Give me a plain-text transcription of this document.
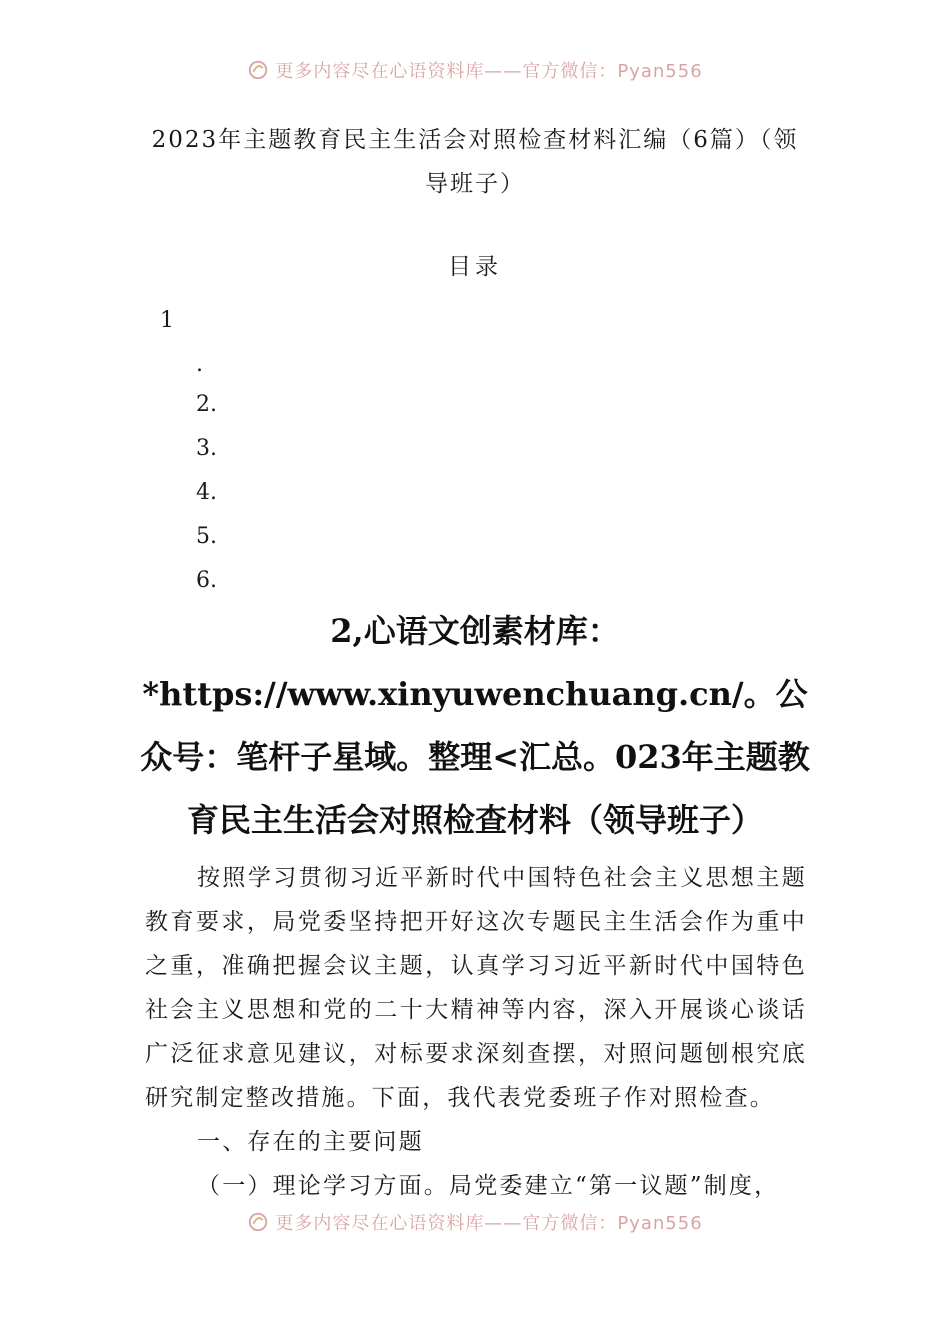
更多内容尽在心语资料库——官方微信：Pyan556
2023年主题教育民主生活会对照检查材料汇编（6篇）（领导班子）
目录
1
.
2.
3.
4.
5.
6.
2,心语文创素材库：*https://www.xinyuwenchuang.cn/。公众号：笔杆子星域。整理<汇总。023年主题教育民主生活会对照检查材料（领导班子）

按照学习贯彻习近平新时代中国特色社会主义思想主题教育要求，局党委坚持把开好这次专题民主生活会作为重中之重，准确把握会议主题，认真学习习近平新时代中国特色社会主义思想和党的二十大精神等内容，深入开展谈心谈话广泛征求意见建议，对标要求深刻查摆，对照问题刨根究底研究制定整改措施。下面，我代表党委班子作对照检查。

一、存在的主要问题

（一）理论学习方面。局党委建立“第一议题”制度，

更多内容尽在心语资料库——官方微信：Pyan556
